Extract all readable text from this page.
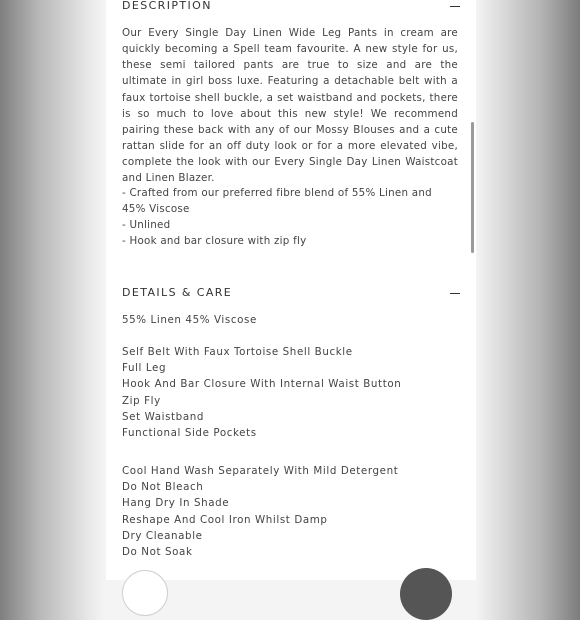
DESCRIPTION
Our Every Single Day Linen Wide Leg Pants in cream are quickly becoming a Spell team favourite. A new style for us, these semi tailored pants are true to size and are the ultimate in girl boss luxe. Featuring a detachable belt with a faux tortoise shell buckle, a set waistband and pockets, there is so much to love about this new style! We recommend pairing these back with any of our Mossy Blouses and a cute rattan slide for an off duty look or for a more elevated vibe, complete the look with our Every Single Day Linen Waistcoat and Linen Blazer.
- Crafted from our preferred fibre blend of 55% Linen and 45% Viscose
- Unlined
- Hook and bar closure with zip fly
DETAILS & CARE
55% Linen 45% Viscose
Self Belt With Faux Tortoise Shell Buckle
Full Leg
Hook And Bar Closure With Internal Waist Button
Zip Fly
Set Waistband
Functional Side Pockets
Cool Hand Wash Separately With Mild Detergent
Do Not Bleach
Hang Dry In Shade
Reshape And Cool Iron Whilst Damp
Dry Cleanable
Do Not Soak
